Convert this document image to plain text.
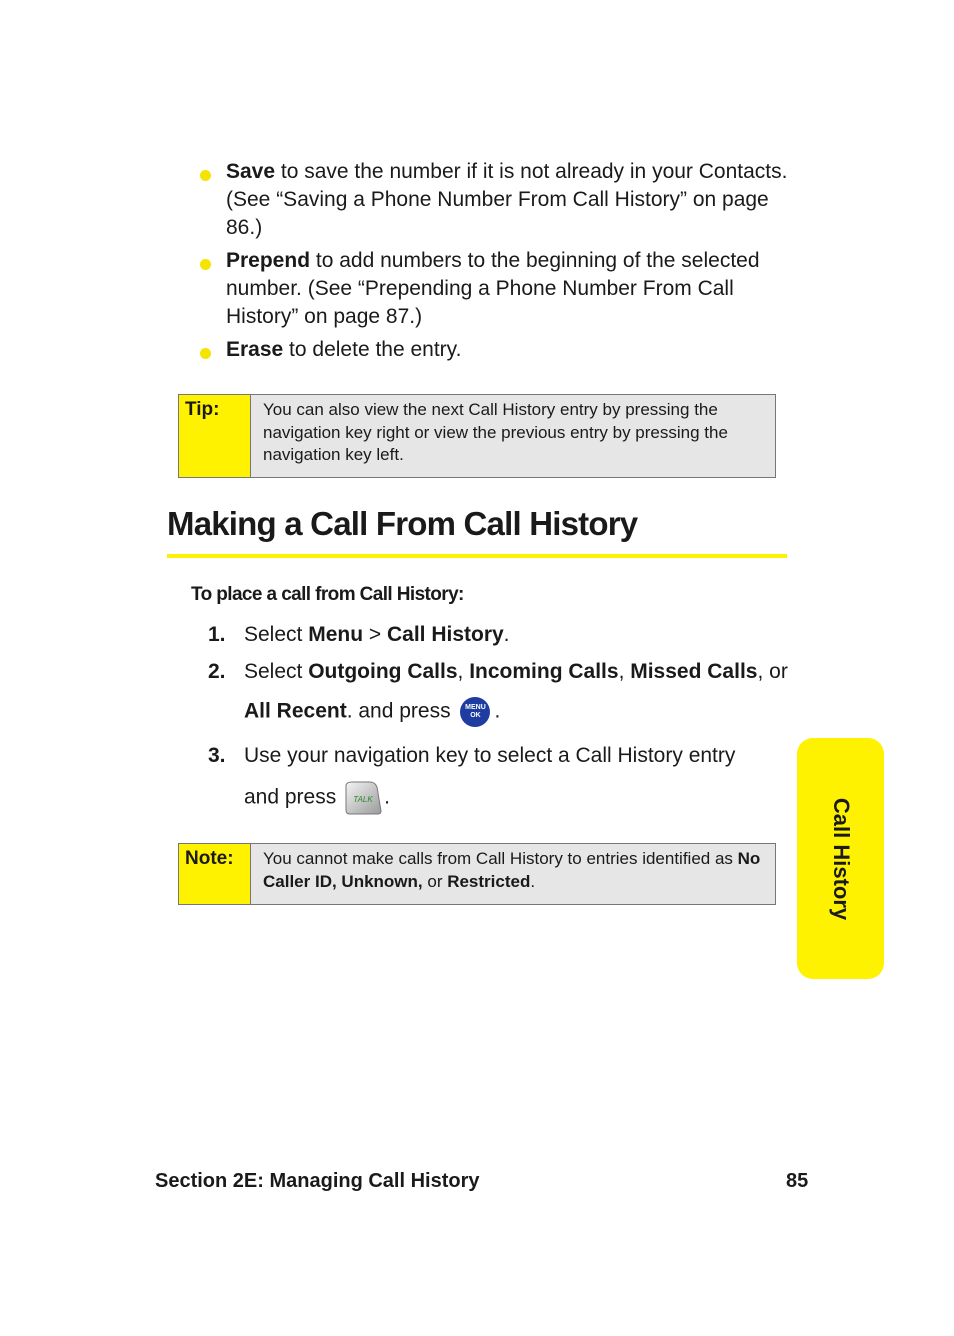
Save to save the number if it is not already in your Contacts. (See “Saving a Phone Number From Call History” on page 86.)
Prepend to add numbers to the beginning of the selected number. (See “Prepending a Phone Number From Call History” on page 87.)
Erase to delete the entry.
Tip:	You can also view the next Call History entry by pressing the navigation key right or view the previous entry by pressing the navigation key left.
Making a Call From Call History
To place a call from Call History:
1. Select Menu > Call History.
2. Select Outgoing Calls, Incoming Calls, Missed Calls, or
All Recent. and press MENU
OK .
3. Use your navigation key to select a Call History entry
and press TALK .
Note:	You cannot make calls from Call History to entries identified as No Caller ID, Unknown, or Restricted.	Call History
Section 2E: Managing Call History	85
